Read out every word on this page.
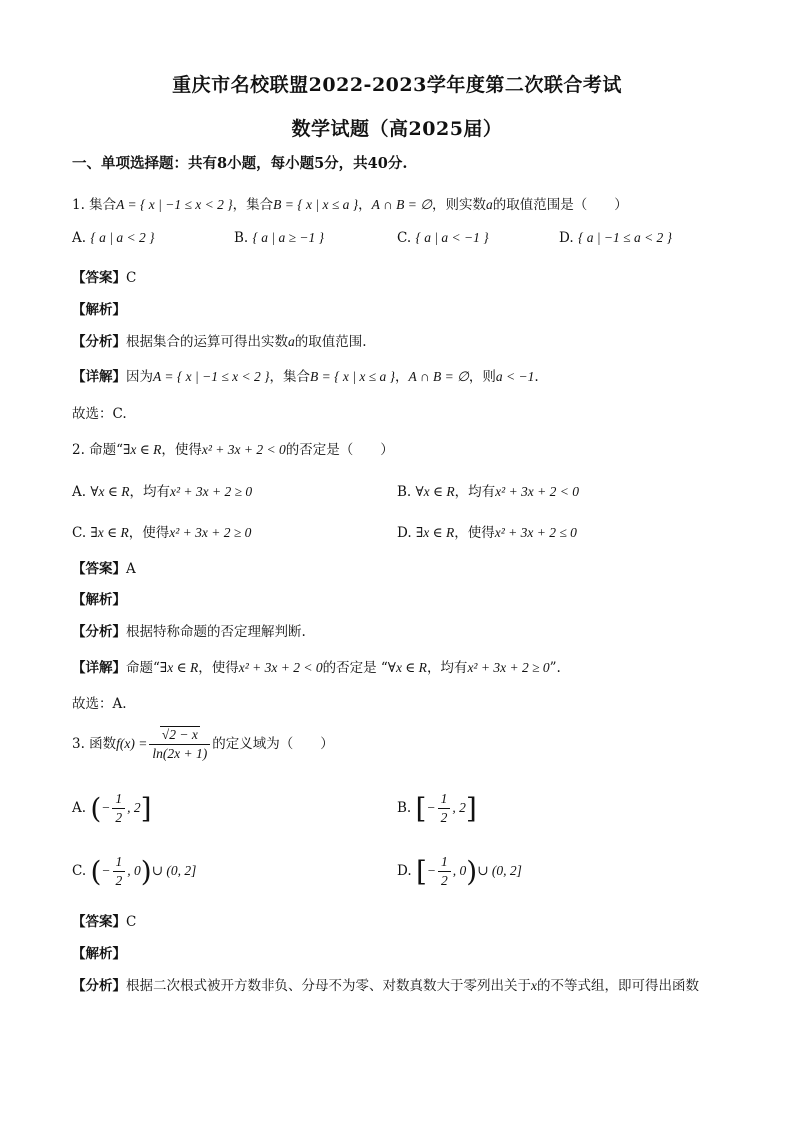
重庆市名校联盟2022-2023学年度第二次联合考试
数学试题（高2025届）
一、单项选择题：共有8小题，每小题5分，共40分.
1. 集合A = { x | −1 ≤ x < 2 }，集合B = { x | x ≤ a }，A ∩ B = ∅，则实数a的取值范围是（　　）
A. { a | a < 2 }	B. { a | a ≥ −1 }	C. { a | a < −1 }	D. { a | −1 ≤ a < 2 }
【答案】C
【解析】
【分析】根据集合的运算可得出实数a的取值范围.
【详解】因为A = { x | −1 ≤ x < 2 }，集合B = { x | x ≤ a }，A ∩ B = ∅，则a < −1.
故选：C.
2. 命题“∃x ∈ R，使得x² + 3x + 2 < 0的否定是（　　）
A. ∀x ∈ R，均有x² + 3x + 2 ≥ 0	B. ∀x ∈ R，均有x² + 3x + 2 < 0
C. ∃x ∈ R，使得x² + 3x + 2 ≥ 0	D. ∃x ∈ R，使得x² + 3x + 2 ≤ 0
【答案】A
【解析】
【分析】根据特称命题的否定理解判断.
【详解】命题“∃x ∈ R，使得x² + 3x + 2 < 0的否定是 “∀x ∈ R，均有x² + 3x + 2 ≥ 0”.
故选：A.
3. 函数$f(x) = \frac{√2 - x}{\ln(2x + 1)}$ 的定义域为（　　）
A. (− $\frac{1}{2}$ , 2]	B. [− $\frac{1}{2}$ , 2]
C. (− $\frac{1}{2}$ , 0)∪ (0, 2]	D. [− $\frac{1}{2}$ , 0)∪ (0, 2]
【答案】C
【解析】
【分析】根据二次根式被开方数非负、分母不为零、对数真数大于零列出关于x的不等式组，即可得出函数
